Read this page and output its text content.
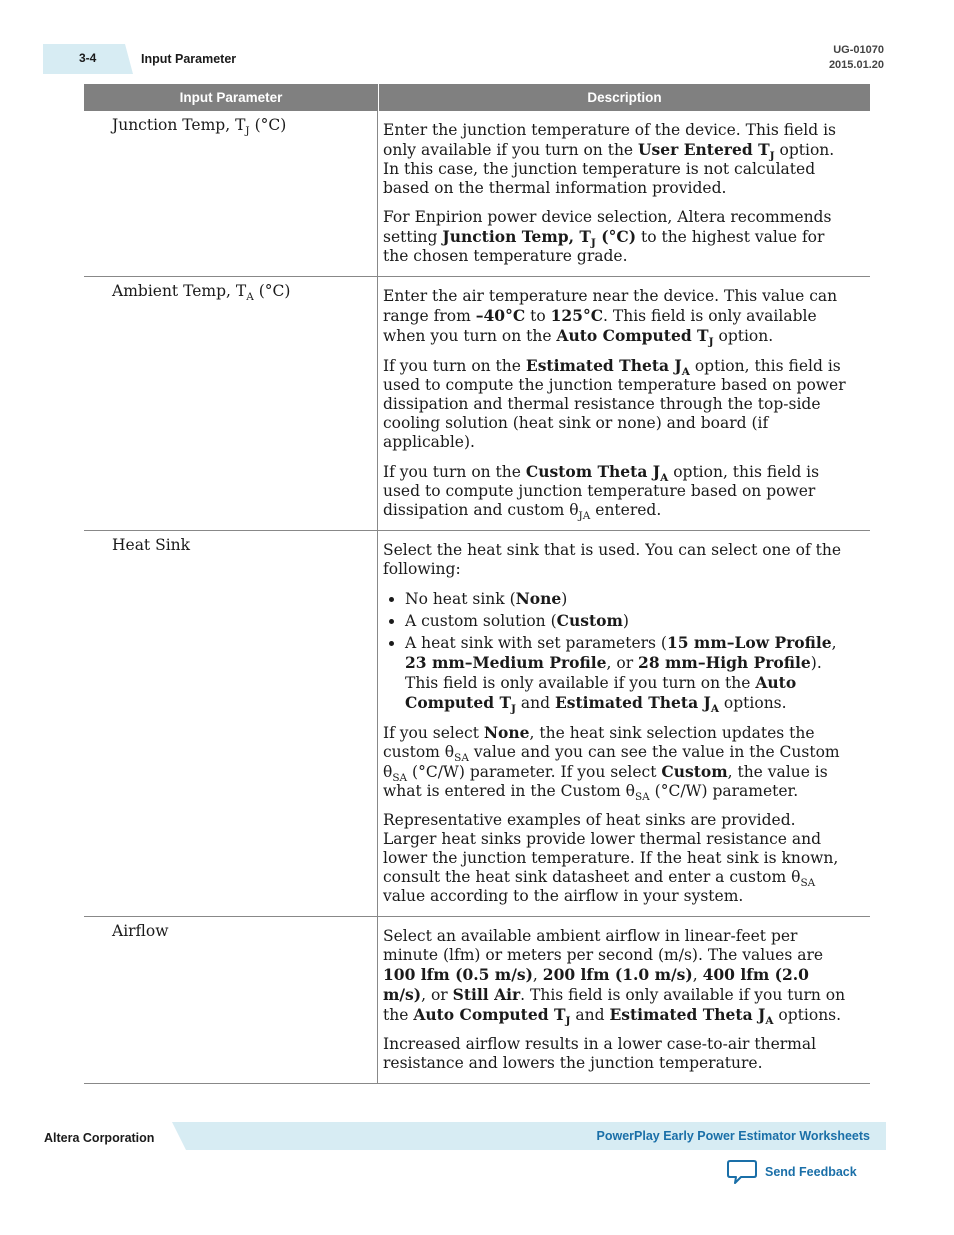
3-4	Input Parameter
UG-01070
2015.01.20
Input Parameter	Description
Junction Temp, $T_J$ (°C)	Enter the junction temperature of the device. This field is only available if you turn on the User Entered $T_J$ option. In this case, the junction temperature is not calculated based on the thermal information provided.

For Enpirion power device selection, Altera recommends setting Junction Temp, $T_J$ (°C) to the highest value for the chosen temperature grade.

Ambient Temp, $T_A$ (°C)	Enter the air temperature near the device. This value can range from –40°C to 125°C. This field is only available when you turn on the Auto Computed $T_J$ option.

If you turn on the Estimated Theta $J_A$ option, this field is used to compute the junction temperature based on power dissipation and thermal resistance through the top-side cooling solution (heat sink or none) and board (if applicable).

If you turn on the Custom Theta $J_A$ option, this field is used to compute junction temperature based on power dissipation and custom $\theta_{JA}$ entered.

Heat Sink	Select the heat sink that is used. You can select one of the following:

• No heat sink (None)
• A custom solution (Custom)
• A heat sink with set parameters (15 mm–Low Profile, 23 mm–Medium Profile, or 28 mm–High Profile). This field is only available if you turn on the Auto Computed $T_J$ and Estimated Theta $J_A$ options.

If you select None, the heat sink selection updates the custom $\theta_{SA}$ value and you can see the value in the Custom $\theta_{SA}$ (°C/W) parameter. If you select Custom, the value is what is entered in the Custom $\theta_{SA}$ (°C/W) parameter.

Representative examples of heat sinks are provided. Larger heat sinks provide lower thermal resistance and lower the junction temperature. If the heat sink is known, consult the heat sink datasheet and enter a custom $\theta_{SA}$ value according to the airflow in your system.

Airflow	Select an available ambient airflow in linear-feet per minute (lfm) or meters per second (m/s). The values are 100 lfm (0.5 m/s), 200 lfm (1.0 m/s), 400 lfm (2.0 m/s), or Still Air. This field is only available if you turn on the Auto Computed $T_J$ and Estimated Theta $J_A$ options.

Increased airflow results in a lower case-to-air thermal resistance and lowers the junction temperature.

Altera Corporation	PowerPlay Early Power Estimator Worksheets
Send Feedback
